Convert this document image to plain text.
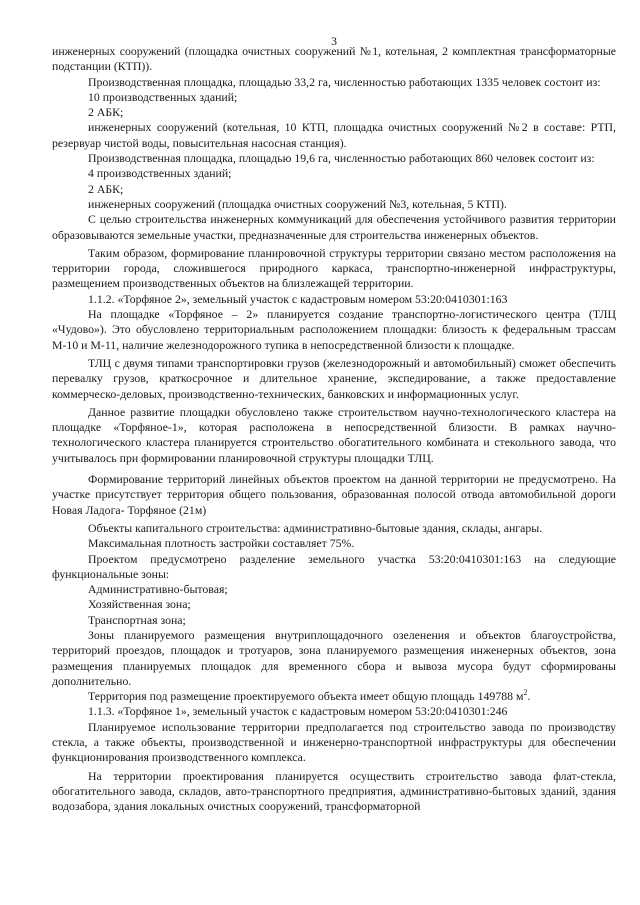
3

инженерных сооружений (площадка очистных сооружений №1, котельная, 2 комплектная трансформаторные подстанции (КТП)).

Производственная площадка, площадью 33,2 га, численностью работающих 1335 человек состоит из:

10 производственных зданий;

2 АБК;

инженерных сооружений (котельная, 10 КТП, площадка очистных сооружений №2 в составе: РТП, резервуар чистой воды, повысительная насосная станция).

Производственная площадка, площадью 19,6 га, численностью работающих 860 человек состоит из:

4 производственных зданий;

2 АБК;

инженерных сооружений (площадка очистных сооружений №3, котельная, 5 КТП).

С целью строительства инженерных коммуникаций для обеспечения устойчивого развития территории образовываются земельные участки, предназначенные для строительства инженерных объектов.

Таким образом, формирование планировочной структуры территории связано местом расположения на территории города, сложившегося природного каркаса, транспортно-инженерной инфраструктуры, размещением производственных объектов на близлежащей территории.

1.1.2. «Торфяное 2», земельный участок с кадастровым номером 53:20:0410301:163

На площадке «Торфяное – 2» планируется создание транспортно-логистического центра (ТЛЦ «Чудово»). Это обусловлено территориальным расположением площадки: близость к федеральным трассам М-10 и М-11, наличие железнодорожного тупика в непосредственной близости к площадке.

ТЛЦ с двумя типами транспортировки грузов (железнодорожный и автомобильный) сможет обеспечить перевалку грузов, краткосрочное и длительное хранение, экспедирование, а также предоставление коммерческо-деловых, производственно-технических, банковских и информационных услуг.

Данное развитие площадки обусловлено также строительством научно-технологического кластера на площадке «Торфяное-1», которая расположена в непосредственной близости. В рамках научно-технологического кластера планируется строительство обогатительного комбината и стекольного завода, что учитывалось при формировании планировочной структуры площадки ТЛЦ.

Формирование территорий линейных объектов проектом на данной территории не предусмотрено. На участке присутствует территория общего пользования, образованная полосой отвода автомобильной дороги Новая Ладога- Торфяное (21м)

Объекты капитального строительства: административно-бытовые здания, склады, ангары.

Максимальная плотность застройки составляет 75%.

Проектом предусмотрено разделение земельного участка 53:20:0410301:163 на следующие функциональные зоны:

Административно-бытовая;

Хозяйственная зона;

Транспортная зона;

Зоны планируемого размещения внутриплощадочного озеленения и объектов благоустройства, территорий проездов, площадок и тротуаров, зона планируемого размещения инженерных объектов, зона размещения планируемых площадок для временного сбора и вывоза мусора будут сформированы дополнительно.

Территория под размещение проектируемого объекта имеет общую площадь 149788 $м^2$.

1.1.3. «Торфяное 1», земельный участок с кадастровым номером 53:20:0410301:246

Планируемое использование территории предполагается под строительство завода по производству стекла, а также объекты, производственной и инженерно-транспортной инфраструктуры для обеспечении функционирования производственного комплекса.

На территории проектирования планируется осуществить строительство завода флат-стекла, обогатительного завода, складов, авто-транспортного предприятия, административно-бытовых зданий, здания водозабора, здания локальных очистных сооружений, трансформаторной
